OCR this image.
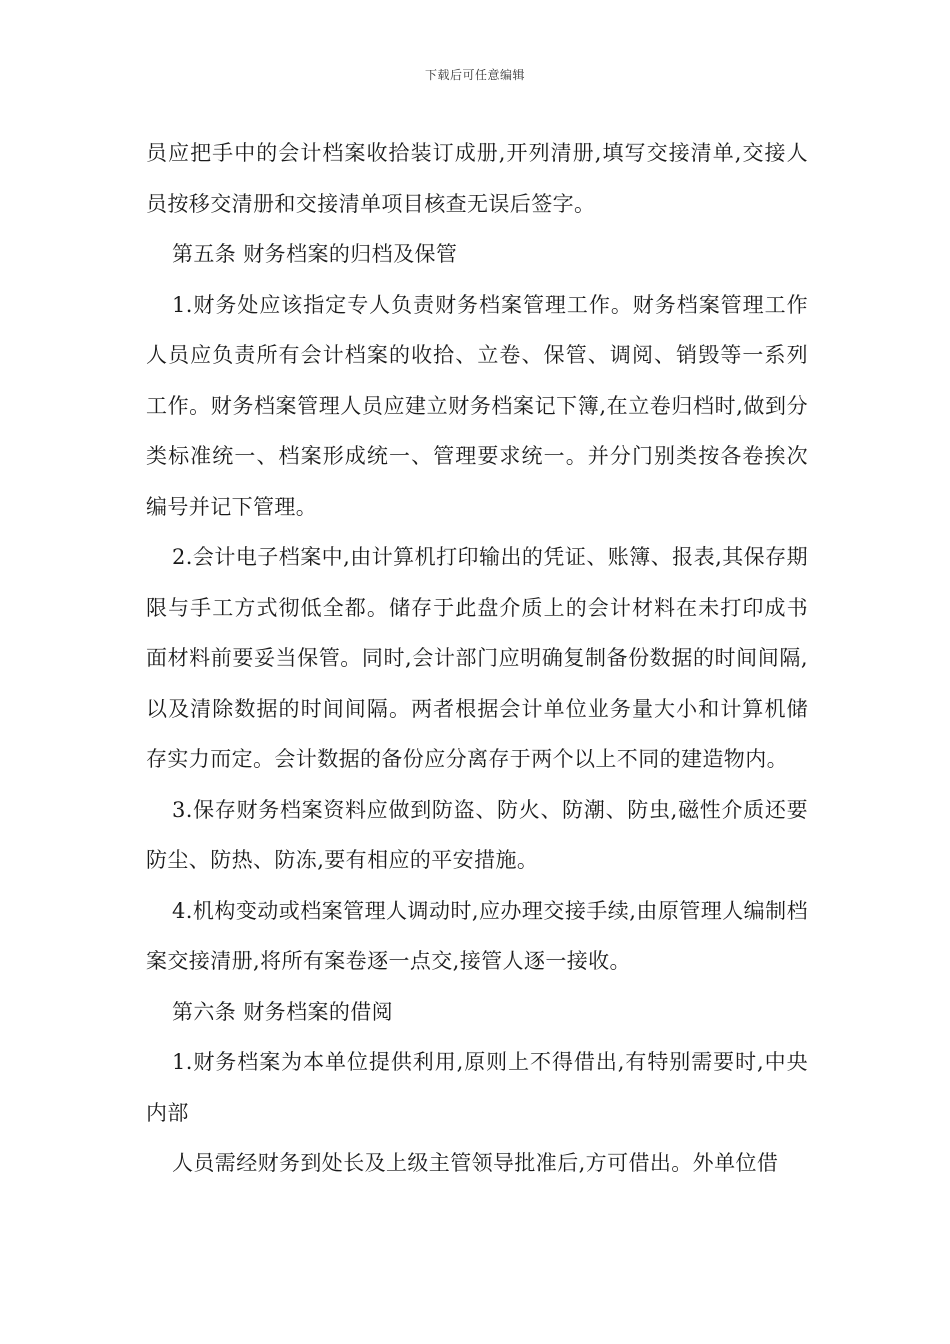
下载后可任意编辑

员应把手中的会计档案收拾装订成册,开列清册,填写交接清单,交接人员按移交清册和交接清单项目核查无误后签字。

第五条 财务档案的归档及保管

1.财务处应该指定专人负责财务档案管理工作。财务档案管理工作人员应负责所有会计档案的收拾、立卷、保管、调阅、销毁等一系列工作。财务档案管理人员应建立财务档案记下簿,在立卷归档时,做到分类标准统一、档案形成统一、管理要求统一。并分门别类按各卷挨次编号并记下管理。

2.会计电子档案中,由计算机打印输出的凭证、账簿、报表,其保存期限与手工方式彻低全都。储存于此盘介质上的会计材料在未打印成书面材料前要妥当保管。同时,会计部门应明确复制备份数据的时间间隔,以及清除数据的时间间隔。两者根据会计单位业务量大小和计算机储存实力而定。会计数据的备份应分离存于两个以上不同的建造物内。

3.保存财务档案资料应做到防盗、防火、防潮、防虫,磁性介质还要防尘、防热、防冻,要有相应的平安措施。

4.机构变动或档案管理人调动时,应办理交接手续,由原管理人编制档案交接清册,将所有案卷逐一点交,接管人逐一接收。

第六条 财务档案的借阅

1.财务档案为本单位提供利用,原则上不得借出,有特别需要时,中央内部

人员需经财务到处长及上级主管领导批准后,方可借出。外单位借
